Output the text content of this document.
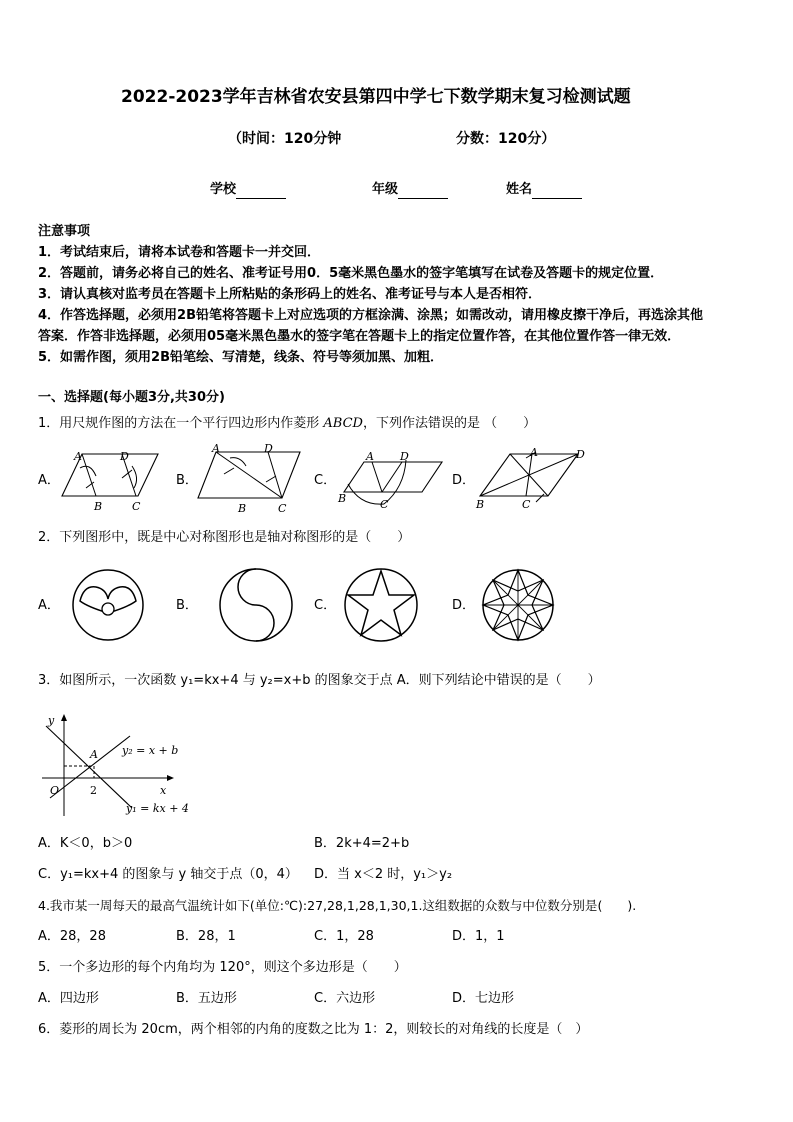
2022-2023学年吉林省农安县第四中学七下数学期末复习检测试题
（时间：120分钟	分数：120分）
学校	年级	姓名
注意事项
1．考试结束后，请将本试卷和答题卡一并交回．
2．答题前，请务必将自己的姓名、准考证号用0．5毫米黑色墨水的签字笔填写在试卷及答题卡的规定位置．
3．请认真核对监考员在答题卡上所粘贴的条形码上的姓名、准考证号与本人是否相符．
4．作答选择题，必须用2B铅笔将答题卡上对应选项的方框涂满、涂黑；如需改动，请用橡皮擦干净后，再选涂其他
答案．作答非选择题，必须用05毫米黑色墨水的签字笔在答题卡上的指定位置作答，在其他位置作答一律无效．
5．如需作图，须用2B铅笔绘、写清楚，线条、符号等须加黑、加粗．
一、选择题(每小题3分,共30分)
1．用尺规作图的方法在一个平行四边形内作菱形 ABCD，下列作法错误的是 （　　）
A．
A	D
B	C
B．
A	D
B	C
C．
A D
B	C
D．
A	D
B	C
2．下列图形中，既是中心对称图形也是轴对称图形的是（　　）
A．	B．	C．	D．
3．如图所示，一次函数 y₁=kx+4 与 y₂=x+b 的图象交于点 A．则下列结论中错误的是（　　）
y
x
O
A
2
y₂ = x + b
y₁ = kx + 4
A．K＜0，b＞0	B．2k+4=2+b
C．y₁=kx+4 的图象与 y 轴交于点（0，4） D．当 x＜2 时，y₁＞y₂
4.我市某一周每天的最高气温统计如下(单位:℃):27,28,1,28,1,30,1.这组数据的众数与中位数分别是(　　).
A．28，28	B．28，1	C．1，28	D．1，1
5．一个多边形的每个内角均为 120°，则这个多边形是（　　）
A．四边形	B．五边形	C．六边形	D．七边形
6．菱形的周长为 20cm，两个相邻的内角的度数之比为 1：2，则较长的对角线的长度是（　）
